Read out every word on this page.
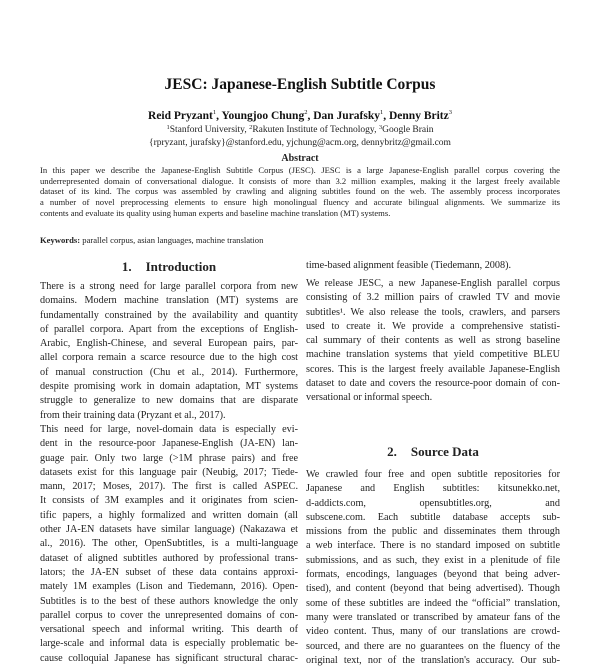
JESC: Japanese-English Subtitle Corpus
Reid Pryzant$^1$, Youngjoo Chung$^2$, Dan Jurafsky$^1$, Denny Britz$^3$
$^1$Stanford University, $^2$Rakuten Institute of Technology, $^3$Google Brain
{rpryzant, jurafsky}@stanford.edu, yjchung@acm.org, dennybritz@gmail.com
Abstract
In this paper we describe the Japanese-English Subtitle Corpus (JESC). JESC is a large Japanese-English parallel corpus covering the
underrepresented domain of conversational dialogue. It consists of more than 3.2 million examples, making it the largest freely available
dataset of its kind. The corpus was assembled by crawling and aligning subtitles found on the web. The assembly process incorporates
a number of novel preprocessing elements to ensure high monolingual fluency and accurate bilingual alignments. We summarize its
contents and evaluate its quality using human experts and baseline machine translation (MT) systems.
Keywords: parallel corpus, asian languages, machine translation
1. Introduction
2. Source Data
There is a strong need for large parallel corpora from new
domains. Modern machine translation (MT) systems are
fundamentally constrained by the availability and quantity
of parallel corpora. Apart from the exceptions of English-
Arabic, English-Chinese, and several European pairs, par-
allel corpora remain a scarce resource due to the high cost
of manual construction (Chu et al., 2014). Furthermore,
despite promising work in domain adaptation, MT systems
struggle to generalize to new domains that are disparate
from their training data (Pryzant et al., 2017).
This need for large, novel-domain data is especially evi-
dent in the resource-poor Japanese-English (JA-EN) lan-
guage pair. Only two large (>1M phrase pairs) and free
datasets exist for this language pair (Neubig, 2017; Tiede-
mann, 2017; Moses, 2017). The first is called ASPEC.
It consists of 3M examples and it originates from scien-
tific papers, a highly formalized and written domain (all
other JA-EN datasets have similar language) (Nakazawa et
al., 2016). The other, OpenSubtitles, is a multi-language
dataset of aligned subtitles authored by professional trans-
lators; the JA-EN subset of these data contains approxi-
mately 1M examples (Lison and Tiedemann, 2016). Open-
Subtitles is to the best of these authors knowledge the only
parallel corpus to cover the unrepresented domains of con-
versational speech and informal writing. This dearth of
large-scale and informal data is especially problematic be-
cause colloquial Japanese has significant structural charac-
time-based alignment feasible (Tiedemann, 2008).
We release JESC, a new Japanese-English parallel corpus
consisting of 3.2 million pairs of crawled TV and movie
subtitles¹. We also release the tools, crawlers, and parsers
used to create it. We provide a comprehensive statisti-
cal summary of their contents as well as strong baseline
machine translation systems that yield competitive BLEU
scores. This is the largest freely available Japanese-English
dataset to date and covers the resource-poor domain of con-
versational or informal speech.
We crawled four free and open subtitle repositories for
Japanese and English subtitles: kitsunekko.net,
d-addicts.com, opensubtitles.org, and
subscene.com. Each subtitle database accepts sub-
missions from the public and disseminates them through
a web interface. There is no standard imposed on subtitle
submissions, and as such, they exist in a plenitude of file
formats, encodings, languages (beyond that being adver-
tised), and content (beyond that being advertised). Though
some of these subtitles are indeed the “official” translation,
many were translated or transcribed by amateur fans of the
video content. Thus, many of our translations are crowd-
sourced, and there are no guarantees on the fluency of the
original text, nor of the translation's accuracy. Our sub-
